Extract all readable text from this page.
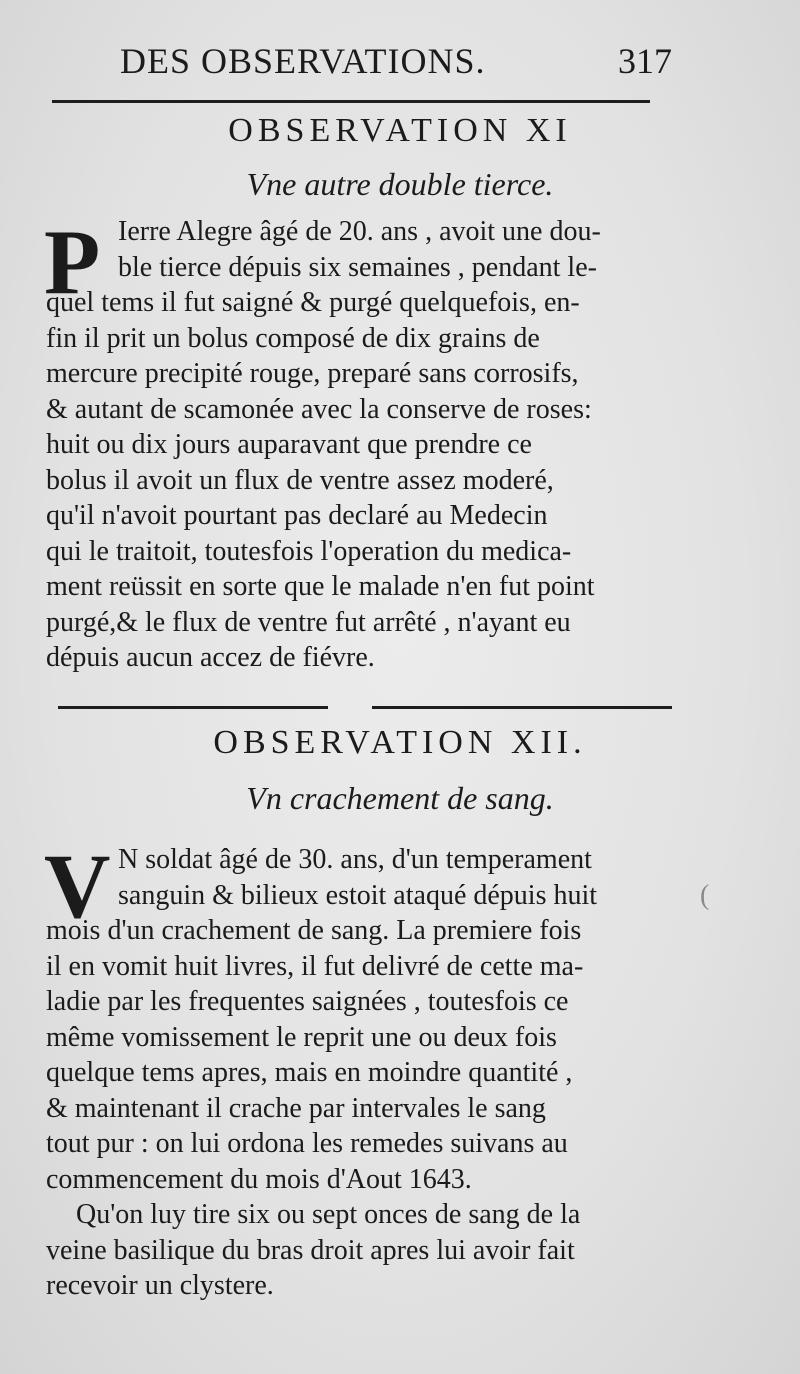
DES OBSERVATIONS.	317
OBSERVATION XI
Vne autre double tierce.
P Ierre Alegre âgé de 20. ans , avoit une dou-
ble tierce dépuis six semaines , pendant le-
quel tems il fut saigné & purgé quelquefois, en-
fin il prit un bolus composé de dix grains de
mercure precipité rouge, preparé sans corrosifs,
& autant de scamonée avec la conserve de roses:
huit ou dix jours auparavant que prendre ce
bolus il avoit un flux de ventre assez moderé,
qu'il n'avoit pourtant pas declaré au Medecin
qui le traitoit, toutesfois l'operation du medica-
ment reüssit en sorte que le malade n'en fut point
purgé,& le flux de ventre fut arrêté , n'ayant eu
dépuis aucun accez de fiévre.
OBSERVATION XII.
Vn crachement de sang.
V N soldat âgé de 30. ans, d'un temperament
sanguin & bilieux estoit ataqué dépuis huit
mois d'un crachement de sang. La premiere fois
il en vomit huit livres, il fut delivré de cette ma-
ladie par les frequentes saignées , toutesfois ce
même vomissement le reprit une ou deux fois
quelque tems apres, mais en moindre quantité ,
& maintenant il crache par intervales le sang
tout pur : on lui ordona les remedes suivans au
commencement du mois d'Aout 1643.
Qu'on luy tire six ou sept onces de sang de la
veine basilique du bras droit apres lui avoir fait
recevoir un clystere.
(
